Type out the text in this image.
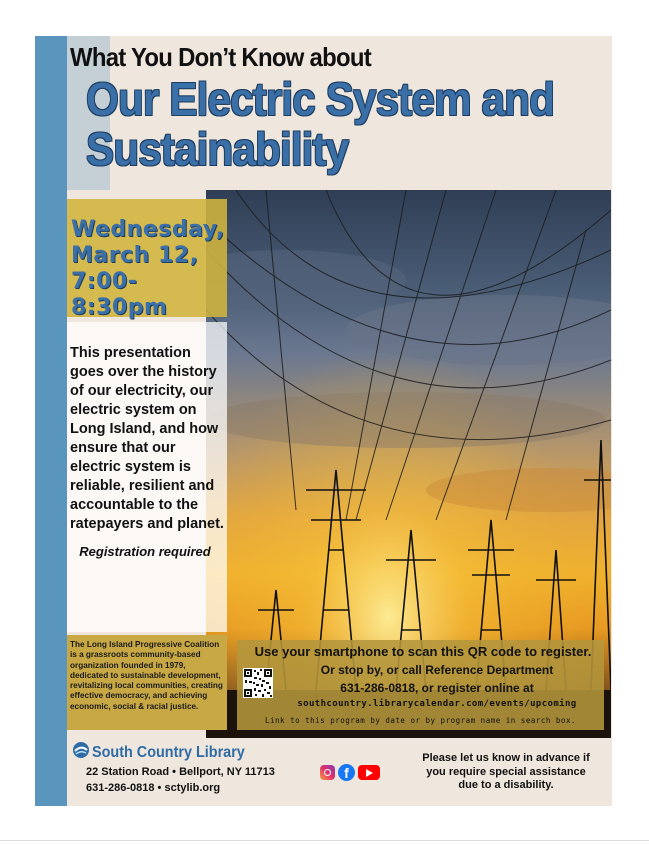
What You Don’t Know about
Our Electric System and Sustainability
Wednesday,
March 12,
7:00-8:30pm
This presentation goes over the history of our electricity, our electric system on Long Island, and how ensure that our electric system is reliable, resilient and accountable to the ratepayers and planet.
Registration required
The Long Island Progressive Coalition is a grassroots community-based organization founded in 1979, dedicated to sustainable development, revitalizing local communities, creating effective democracy, and achieving economic, social & racial justice.
Use your smartphone to scan this QR code to register.
Or stop by, or call Reference Department
631-286-0818, or register online at
southcountry.librarycalendar.com/events/upcoming
Link to this program by date or by program name in search box.
South Country Library
22 Station Road • Bellport, NY 11713
631-286-0818 • sctylib.org
f
Please let us know in advance if you require special assistance due to a disability.
